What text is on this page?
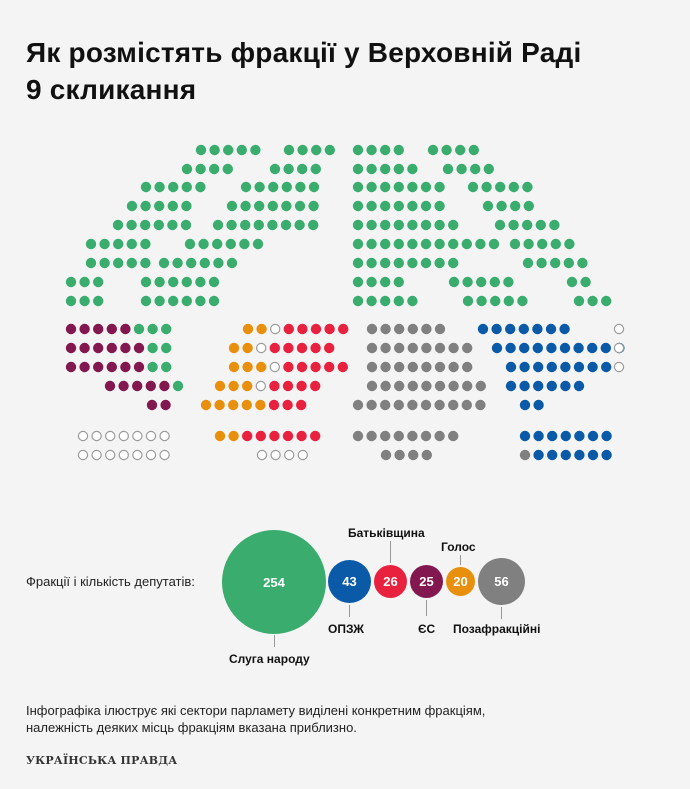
Як розмістять фракції у Верховній Раді
9 скликання
Фракції і кількість депутатів:	254	43 26 25 20 56
Слуга народу
ОПЗЖ
Батьківщина
ЄС
Голос
Позафракційні
Інфографіка ілюструє які сектори парламету виділені конкретним фракціям,
належність деяких місць фракціям вказана приблизно.
УКРАЇНСЬКА ПРАВДА
